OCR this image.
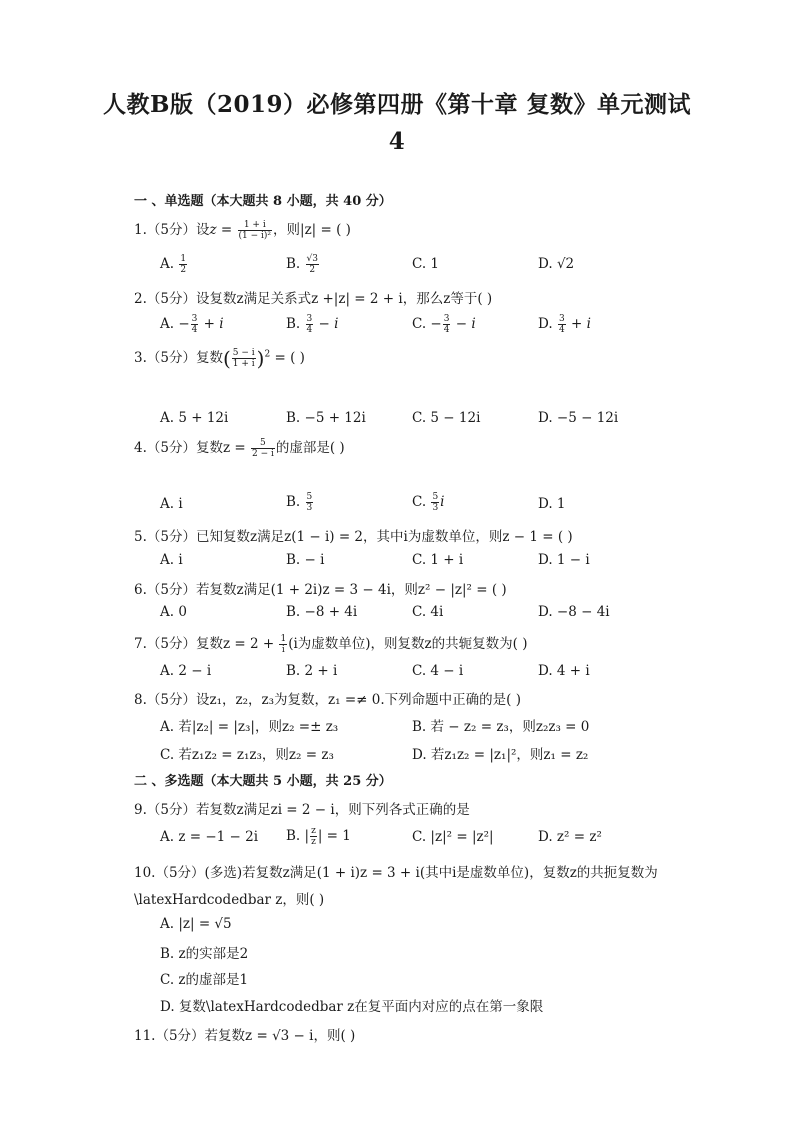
人教B版（2019）必修第四册《第十章 复数》单元测试
4
一 、单选题（本大题共 8 小题，共 40 分）
1.（5分）设$z = \frac{1 + i}{\text{(1 − i)²}}$ ，则|z| = ( )
A. $\frac{1}{2}$	B. $\frac{√3}{2}$	C. 1	D. √2
2.（5分）设复数z满足关系式z +|z| = 2 + i，那么z等于( )
A. − $\frac{3}{4} + i$	B. $\frac{3}{4} - i$	C. − $\frac{3}{4} - i$	D. $\frac{3}{4} + i$
3.（5分）复数( $\frac{5 - i}{1 + i} )^2$ = ( )
A. 5 + 12i	B. −5 + 12i	C. 5 − 12i	D. −5 − 12i
4.（5分）复数$z = \frac{5}{2 - i}$ 的虚部是( )
A. i	B. $\frac{5}{3}$	C. $\frac{5}{3}$ i	D. 1
5.（5分）已知复数z满足z(1 − i) = 2，其中i为虚数单位，则z − 1 = ( )
A. i	B. − i	C. 1 + i	D. 1 − i
6.（5分）若复数z满足(1 + 2i)z = 3 − 4i，则z² − |z|² = ( )
A. 0	B. −8 + 4i	C. 4i	D. −8 − 4i
7.（5分）复数$z = 2 + \frac{1}{i} (i$为虚数单位)，则复数z的共轭复数为( )
A. 2 − i	B. 2 + i	C. 4 − i	D. 4 + i
8.（5分）设z₁，z₂，z₃为复数，z₁ =≠ 0.下列命题中正确的是( )
A. 若|z₂| = |z₃|，则z₂ =± z₃	B. 若 − z₂ = z₃，则z₂z₃ = 0
C. 若z₁z₂ = z₁z₃，则z₂ = z₃	D. 若z₁z₂ = |z₁|²，则z₁ = z₂
二 、多选题（本大题共 5 小题，共 25 分）
9.（5分）若复数z满足zi = 2 − i，则下列各式正确的是
A. z = −1 − 2i B. | $\frac{z}{z}$ | = 1	C. |z|² = |z²|	D. z² = z²
10.（5分）(多选)若复数z满足(1 + i)z = 3 + i(其中i是虚数单位)，复数z的共扼复数为
\latexHardcodedbar z，则( )
A. |z| = √5
B. z的实部是2
C. z的虚部是1
D. 复数\latexHardcodedbar z在复平面内对应的点在第一象限
11.（5分）若复数z = √3 − i，则( )
